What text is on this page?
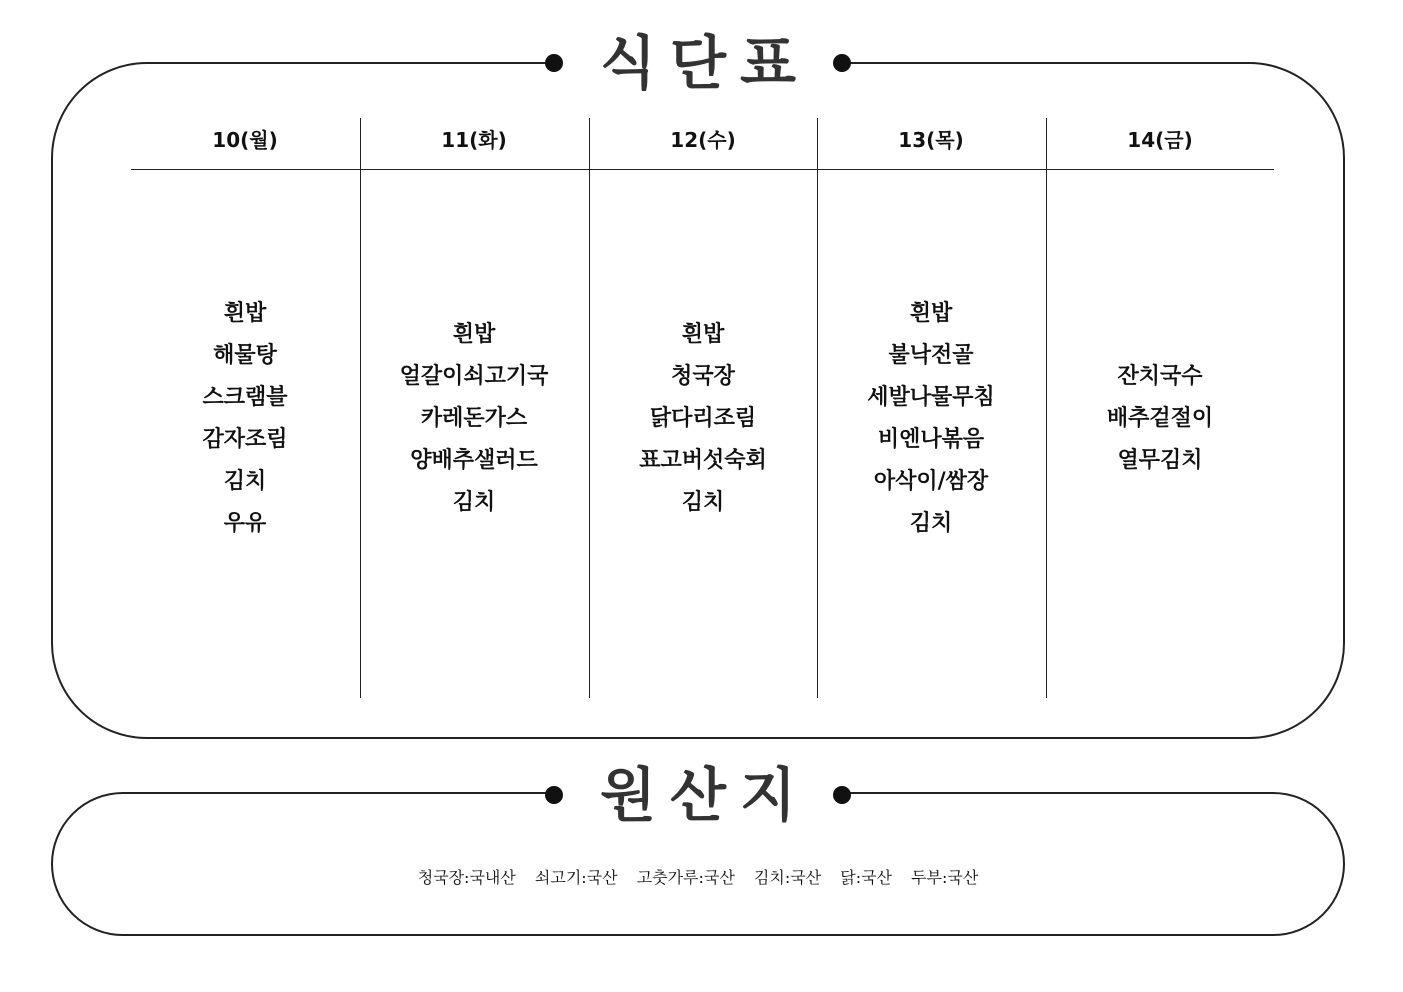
식단표
10(월)
흰밥
해물탕
스크램블
감자조림
김치
우유
11(화)
흰밥
얼갈이쇠고기국
카레돈가스
양배추샐러드
김치
12(수)
흰밥
청국장
닭다리조림
표고버섯숙회
김치
13(목)
흰밥
불낙전골
세발나물무침
비엔나볶음
아삭이/쌈장
김치
14(금)
잔치국수
배추겉절이
열무김치
원산지
청국장:국내산 쇠고기:국산 고춧가루:국산 김치:국산 닭:국산 두부:국산
